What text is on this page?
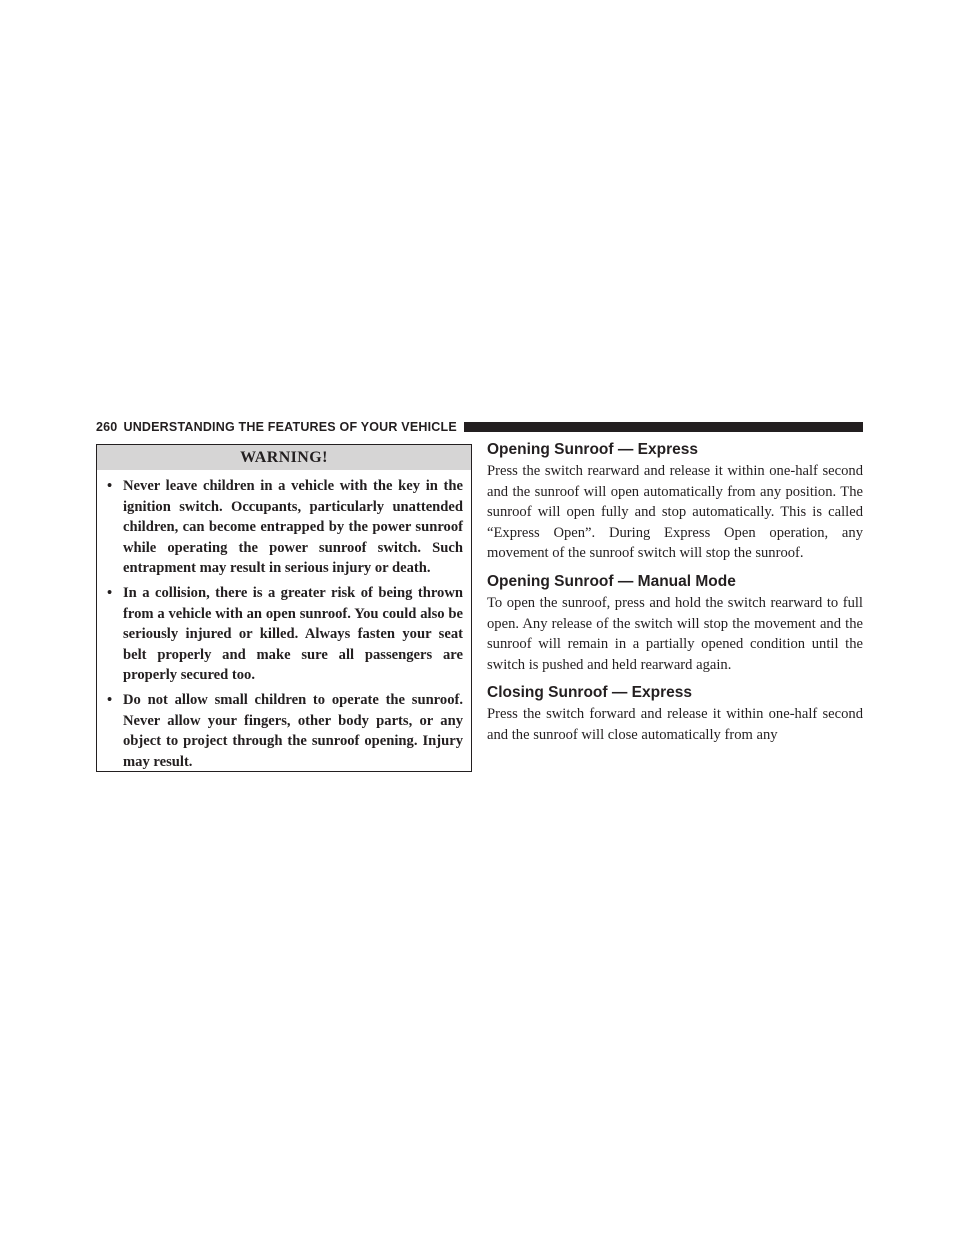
260 UNDERSTANDING THE FEATURES OF YOUR VEHICLE
WARNING!
• Never leave children in a vehicle with the key in the ignition switch. Occupants, particularly unattended children, can become entrapped by the power sunroof while operating the power sunroof switch. Such entrapment may result in serious injury or death.
• In a collision, there is a greater risk of being thrown from a vehicle with an open sunroof. You could also be seriously injured or killed. Always fasten your seat belt properly and make sure all passengers are properly secured too.
• Do not allow small children to operate the sunroof. Never allow your fingers, other body parts, or any object to project through the sunroof opening. Injury may result.
Opening Sunroof — Express

Press the switch rearward and release it within one-half second and the sunroof will open automatically from any position. The sunroof will open fully and stop automatically. This is called “Express Open”. During Express Open operation, any movement of the sunroof switch will stop the sunroof.

Opening Sunroof — Manual Mode

To open the sunroof, press and hold the switch rearward to full open. Any release of the switch will stop the movement and the sunroof will remain in a partially opened condition until the switch is pushed and held rearward again.

Closing Sunroof — Express

Press the switch forward and release it within one-half second and the sunroof will close automatically from any
